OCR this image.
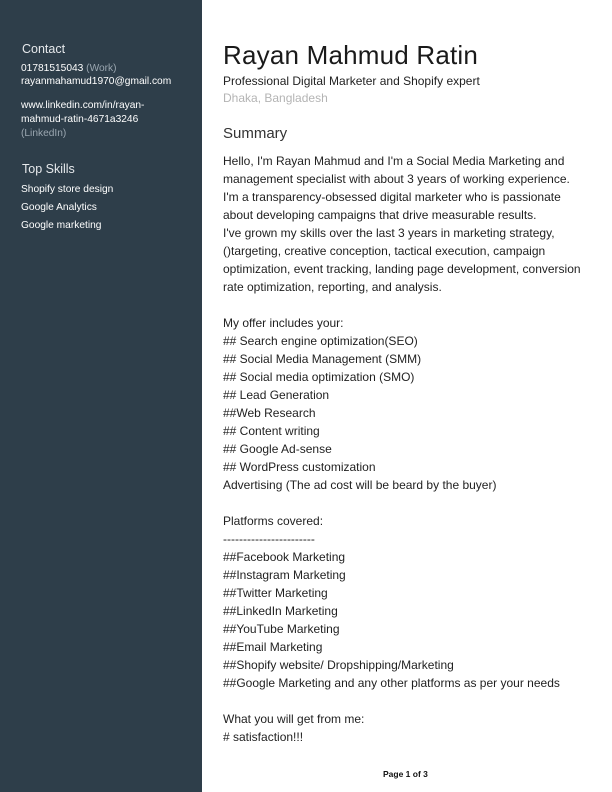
Contact
01781515043 (Work)
rayanmahamud1970@gmail.com
www.linkedin.com/in/rayan-
mahmud-ratin-4671a3246
(LinkedIn)
Top Skills
Shopify store design
Google Analytics
Google marketing
Rayan Mahmud Ratin
Professional Digital Marketer and Shopify expert
Dhaka, Bangladesh
Summary
Hello, I'm Rayan Mahmud and I'm a Social Media Marketing and
management specialist with about 3 years of working experience.
I'm a transparency-obsessed digital marketer who is passionate
about developing campaigns that drive measurable results.
I've grown my skills over the last 3 years in marketing strategy,
()targeting, creative conception, tactical execution, campaign
optimization, event tracking, landing page development, conversion
rate optimization, reporting, and analysis.
My offer includes your:
## Search engine optimization(SEO)
## Social Media Management (SMM)
## Social media optimization (SMO)
## Lead Generation
##Web Research
## Content writing
## Google Ad-sense
## WordPress customization
Advertising (The ad cost will be beard by the buyer)
Platforms covered:
-----------------------
##Facebook Marketing
##Instagram Marketing
##Twitter Marketing
##LinkedIn Marketing
##YouTube Marketing
##Email Marketing
##Shopify website/ Dropshipping/Marketing
##Google Marketing and any other platforms as per your needs
What you will get from me:
# satisfaction!!!
Page 1 of 3
